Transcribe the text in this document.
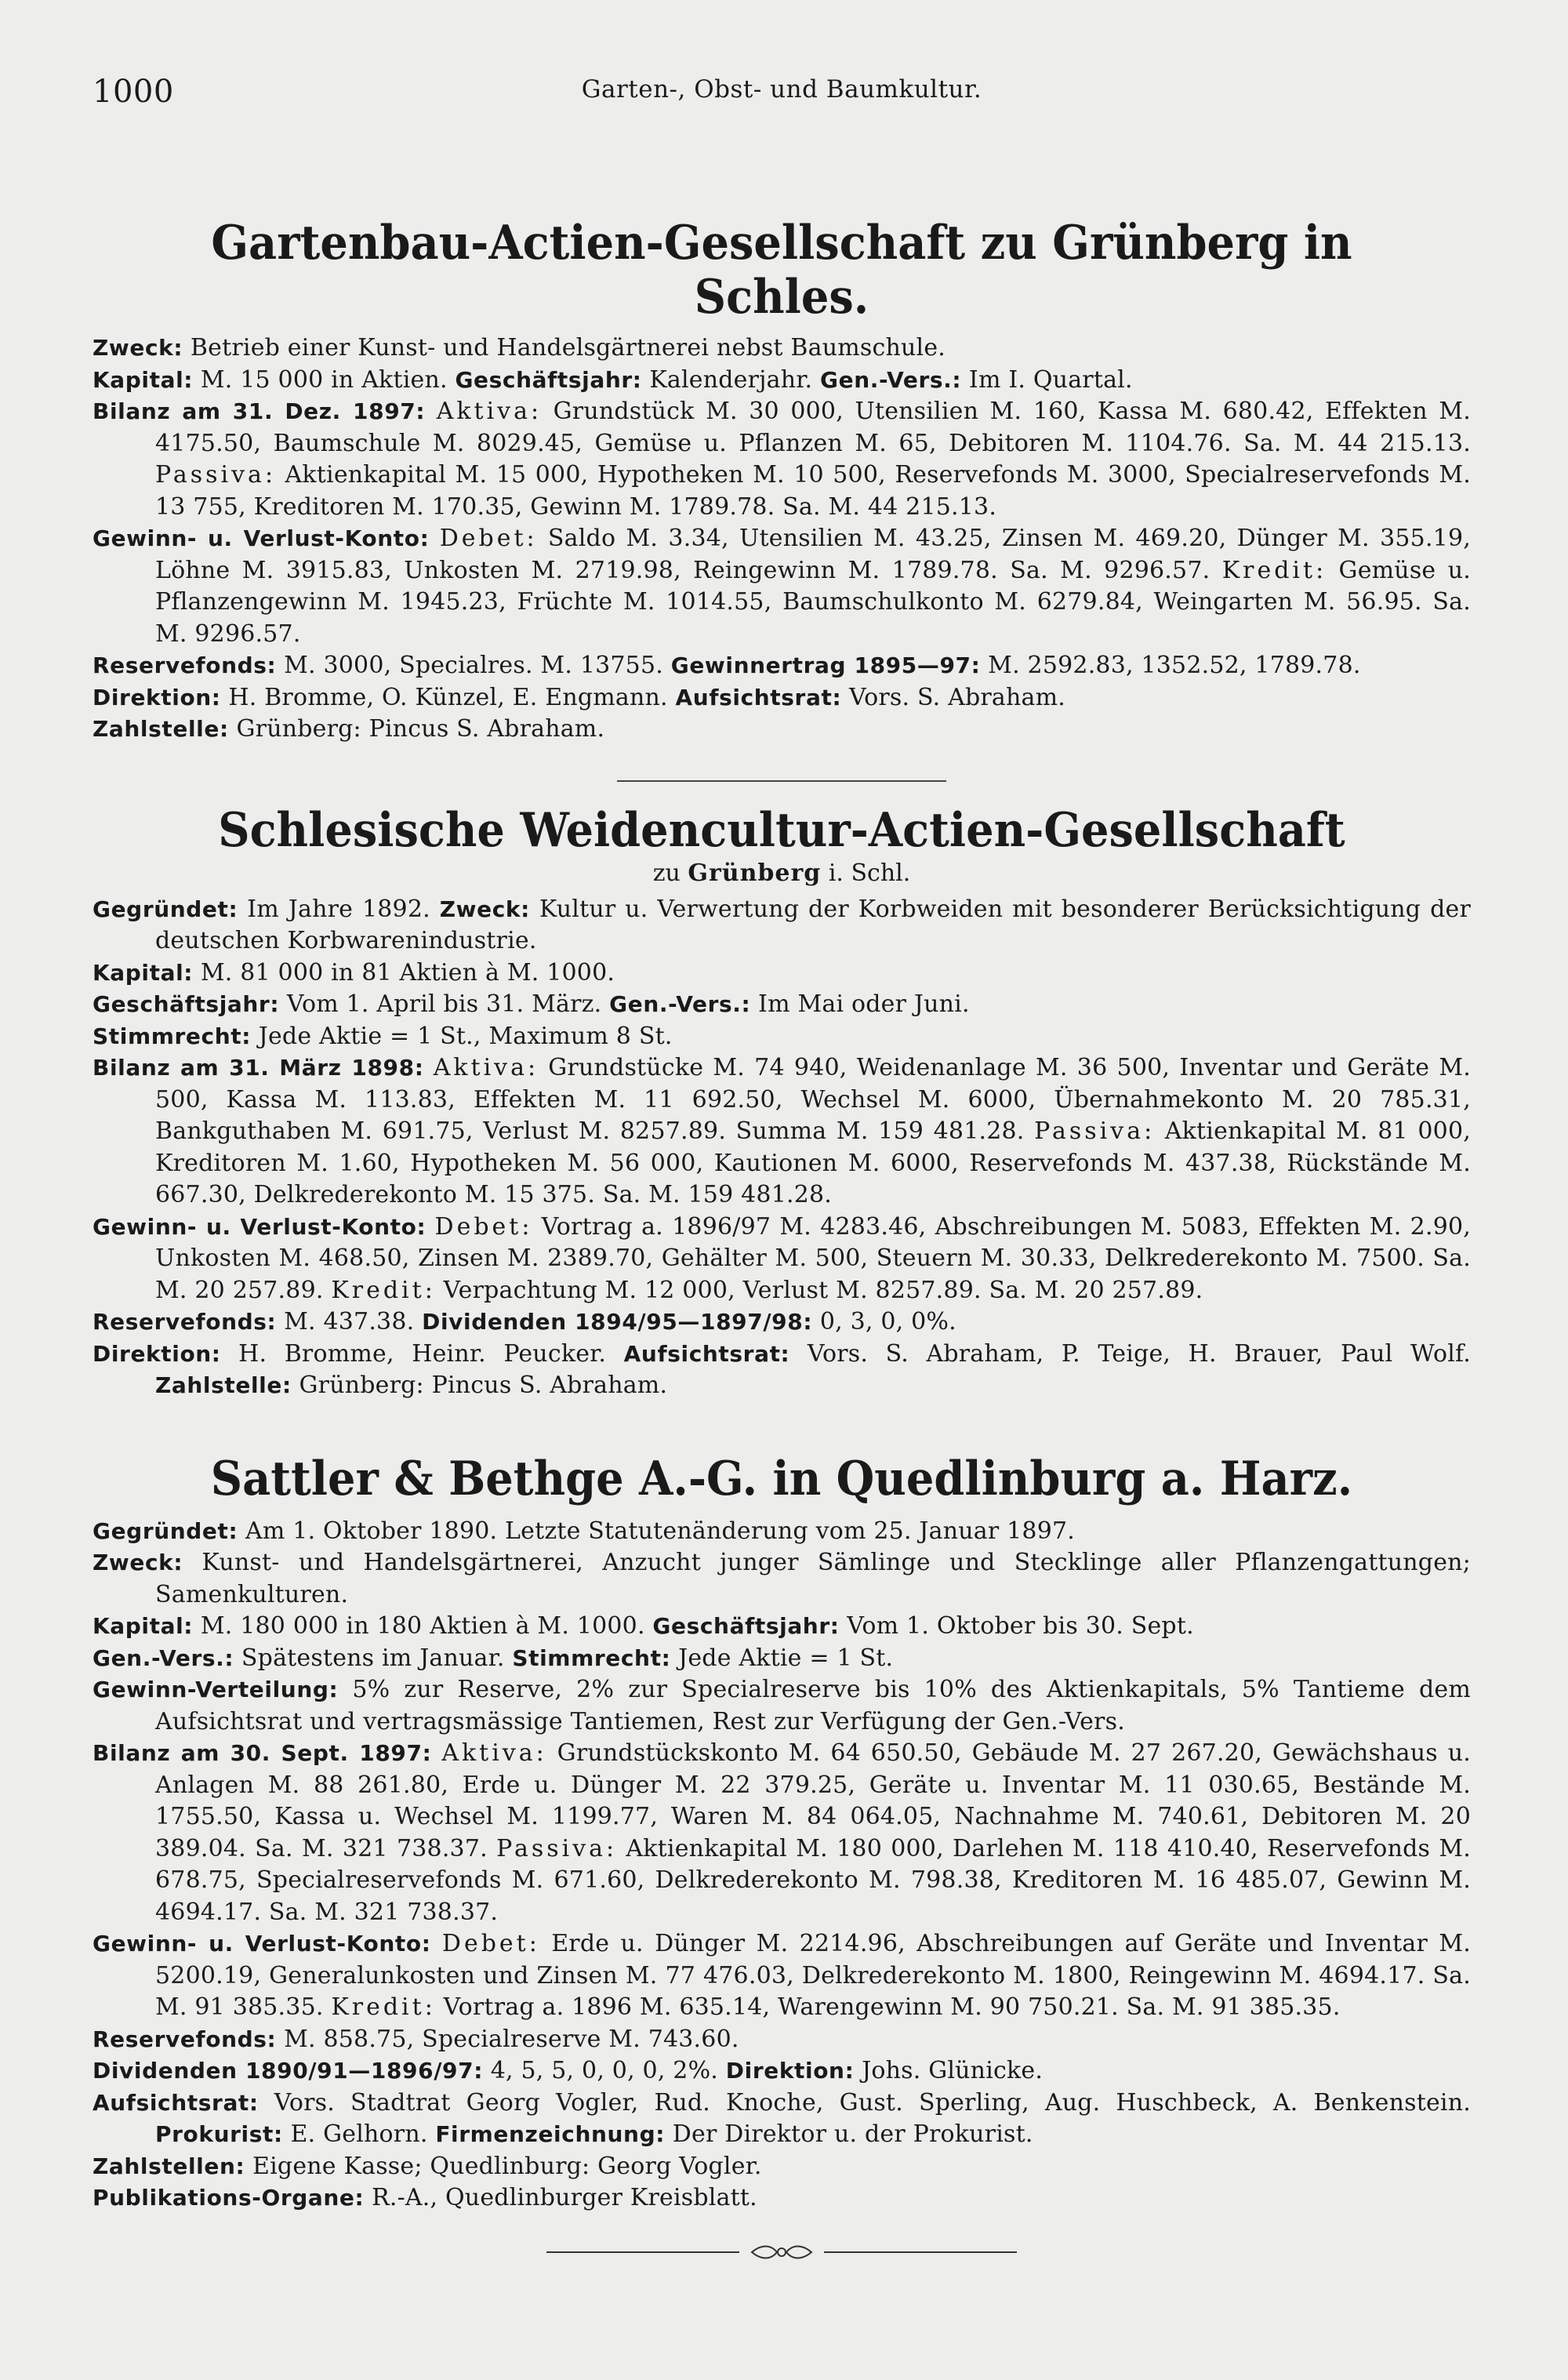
1000	Garten-, Obst- und Baumkultur.
Gartenbau-Actien-Gesellschaft zu Grünberg in Schles.
Zweck: Betrieb einer Kunst- und Handelsgärtnerei nebst Baumschule.
Kapital: M. 15 000 in Aktien. Geschäftsjahr: Kalenderjahr. Gen.-Vers.: Im I. Quartal.
Bilanz am 31. Dez. 1897: Aktiva: Grundstück M. 30 000, Utensilien M. 160, Kassa M. 680.42, Effekten M. 4175.50, Baumschule M. 8029.45, Gemüse u. Pflanzen M. 65, Debitoren M. 1104.76. Sa. M. 44 215.13. Passiva: Aktienkapital M. 15 000, Hypotheken M. 10 500, Reservefonds M. 3000, Specialreservefonds M. 13 755, Kreditoren M. 170.35, Gewinn M. 1789.78. Sa. M. 44 215.13.
Gewinn- u. Verlust-Konto: Debet: Saldo M. 3.34, Utensilien M. 43.25, Zinsen M. 469.20, Dünger M. 355.19, Löhne M. 3915.83, Unkosten M. 2719.98, Reingewinn M. 1789.78. Sa. M. 9296.57. Kredit: Gemüse u. Pflanzengewinn M. 1945.23, Früchte M. 1014.55, Baumschulkonto M. 6279.84, Weingarten M. 56.95. Sa. M. 9296.57.
Reservefonds: M. 3000, Specialres. M. 13755. Gewinnertrag 1895—97: M. 2592.83, 1352.52, 1789.78.
Direktion: H. Bromme, O. Künzel, E. Engmann. Aufsichtsrat: Vors. S. Abraham.
Zahlstelle: Grünberg: Pincus S. Abraham.
Schlesische Weidencultur-Actien-Gesellschaft
zu Grünberg i. Schl.
Gegründet: Im Jahre 1892. Zweck: Kultur u. Verwertung der Korbweiden mit besonderer Berücksichtigung der deutschen Korbwarenindustrie.
Kapital: M. 81 000 in 81 Aktien à M. 1000.
Geschäftsjahr: Vom 1. April bis 31. März. Gen.-Vers.: Im Mai oder Juni.
Stimmrecht: Jede Aktie = 1 St., Maximum 8 St.
Bilanz am 31. März 1898: Aktiva: Grundstücke M. 74 940, Weidenanlage M. 36 500, Inventar und Geräte M. 500, Kassa M. 113.83, Effekten M. 11 692.50, Wechsel M. 6000, Übernahmekonto M. 20 785.31, Bankguthaben M. 691.75, Verlust M. 8257.89. Summa M. 159 481.28. Passiva: Aktienkapital M. 81 000, Kreditoren M. 1.60, Hypotheken M. 56 000, Kautionen M. 6000, Reservefonds M. 437.38, Rückstände M. 667.30, Delkrederekonto M. 15 375. Sa. M. 159 481.28.
Gewinn- u. Verlust-Konto: Debet: Vortrag a. 1896/97 M. 4283.46, Abschreibungen M. 5083, Effekten M. 2.90, Unkosten M. 468.50, Zinsen M. 2389.70, Gehälter M. 500, Steuern M. 30.33, Delkrederekonto M. 7500. Sa. M. 20 257.89. Kredit: Verpachtung M. 12 000, Verlust M. 8257.89. Sa. M. 20 257.89.
Reservefonds: M. 437.38. Dividenden 1894/95—1897/98: 0, 3, 0, 0%.
Direktion: H. Bromme, Heinr. Peucker. Aufsichtsrat: Vors. S. Abraham, P. Teige, H. Brauer, Paul Wolf. Zahlstelle: Grünberg: Pincus S. Abraham.
Sattler & Bethge A.-G. in Quedlinburg a. Harz.
Gegründet: Am 1. Oktober 1890. Letzte Statutenänderung vom 25. Januar 1897.
Zweck: Kunst- und Handelsgärtnerei, Anzucht junger Sämlinge und Stecklinge aller Pflanzengattungen; Samenkulturen.
Kapital: M. 180 000 in 180 Aktien à M. 1000. Geschäftsjahr: Vom 1. Oktober bis 30. Sept.
Gen.-Vers.: Spätestens im Januar. Stimmrecht: Jede Aktie = 1 St.
Gewinn-Verteilung: 5% zur Reserve, 2% zur Specialreserve bis 10% des Aktienkapitals, 5% Tantieme dem Aufsichtsrat und vertragsmässige Tantiemen, Rest zur Verfügung der Gen.-Vers.
Bilanz am 30. Sept. 1897: Aktiva: Grundstückskonto M. 64 650.50, Gebäude M. 27 267.20, Gewächshaus u. Anlagen M. 88 261.80, Erde u. Dünger M. 22 379.25, Geräte u. Inventar M. 11 030.65, Bestände M. 1755.50, Kassa u. Wechsel M. 1199.77, Waren M. 84 064.05, Nachnahme M. 740.61, Debitoren M. 20 389.04. Sa. M. 321 738.37. Passiva: Aktienkapital M. 180 000, Darlehen M. 118 410.40, Reservefonds M. 678.75, Specialreservefonds M. 671.60, Delkrederekonto M. 798.38, Kreditoren M. 16 485.07, Gewinn M. 4694.17. Sa. M. 321 738.37.
Gewinn- u. Verlust-Konto: Debet: Erde u. Dünger M. 2214.96, Abschreibungen auf Geräte und Inventar M. 5200.19, Generalunkosten und Zinsen M. 77 476.03, Delkrederekonto M. 1800, Reingewinn M. 4694.17. Sa. M. 91 385.35. Kredit: Vortrag a. 1896 M. 635.14, Warengewinn M. 90 750.21. Sa. M. 91 385.35.
Reservefonds: M. 858.75, Specialreserve M. 743.60.
Dividenden 1890/91—1896/97: 4, 5, 5, 0, 0, 0, 2%. Direktion: Johs. Glünicke.
Aufsichtsrat: Vors. Stadtrat Georg Vogler, Rud. Knoche, Gust. Sperling, Aug. Huschbeck, A. Benkenstein. Prokurist: E. Gelhorn. Firmenzeichnung: Der Direktor u. der Prokurist.
Zahlstellen: Eigene Kasse; Quedlinburg: Georg Vogler.
Publikations-Organe: R.-A., Quedlinburger Kreisblatt.
